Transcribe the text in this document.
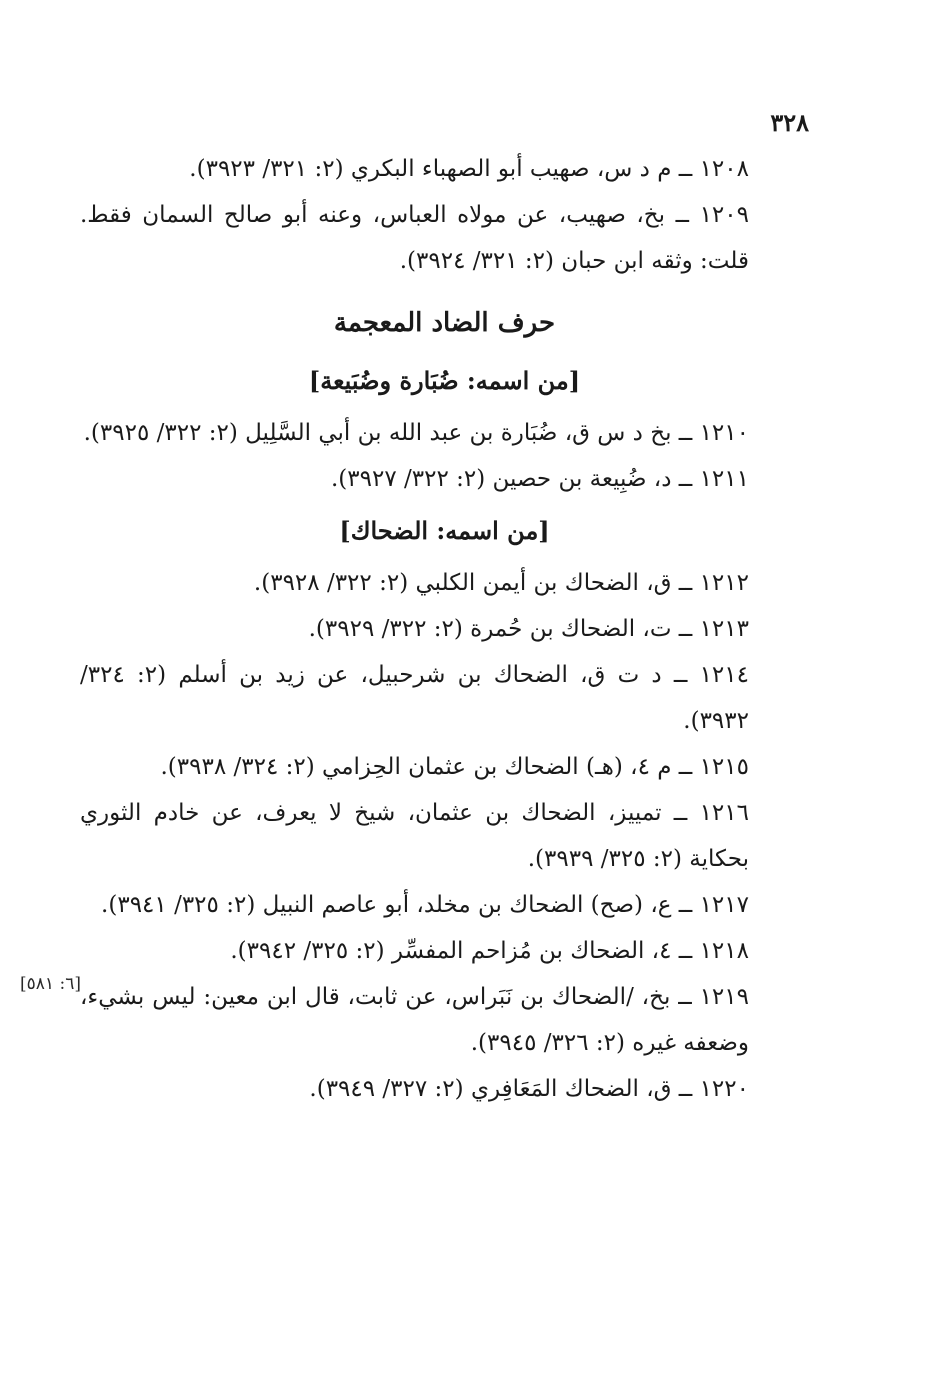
٣٢٨
١٢٠٨ ــ م د س، صهيب أبو الصهباء البكري (٢: ٣٢١/ ٣٩٢٣).
١٢٠٩ ــ بخ، صهيب، عن مولاه العباس، وعنه أبو صالح السمان فقط. قلت: وثقه ابن حبان (٢: ٣٢١/ ٣٩٢٤).
حرف الضاد المعجمة
[من اسمه: ضُبَارة وضُبَيعة]
١٢١٠ ــ بخ د س ق، ضُبَارة بن عبد الله بن أبي السَّلِيل (٢: ٣٢٢/ ٣٩٢٥).
١٢١١ ــ د، ضُبِيعة بن حصين (٢: ٣٢٢/ ٣٩٢٧).
[من اسمه: الضحاك]
١٢١٢ ــ ق، الضحاك بن أيمن الكلبي (٢: ٣٢٢/ ٣٩٢٨).
١٢١٣ ــ ت، الضحاك بن حُمرة (٢: ٣٢٢/ ٣٩٢٩).
١٢١٤ ــ د ت ق، الضحاك بن شرحبيل، عن زيد بن أسلم (٢: ٣٢٤/ ٣٩٣٢).
١٢١٥ ــ م ٤، (هـ) الضحاك بن عثمان الحِزامي (٢: ٣٢٤/ ٣٩٣٨).
١٢١٦ ــ تمييز، الضحاك بن عثمان، شيخ لا يعرف، عن خادم الثوري بحكاية (٢: ٣٢٥/ ٣٩٣٩).
١٢١٧ ــ ع، (صح) الضحاك بن مخلد، أبو عاصم النبيل (٢: ٣٢٥/ ٣٩٤١).
١٢١٨ ــ ٤، الضحاك بن مُزاحم المفسِّر (٢: ٣٢٥/ ٣٩٤٢).
[٦: ٥٨١] ١٢١٩ ــ بخ، /الضحاك بن نَبَراس، عن ثابت، قال ابن معين: ليس بشيء، وضعفه غيره (٢: ٣٢٦/ ٣٩٤٥).
١٢٢٠ ــ ق، الضحاك المَعَافِري (٢: ٣٢٧/ ٣٩٤٩).
